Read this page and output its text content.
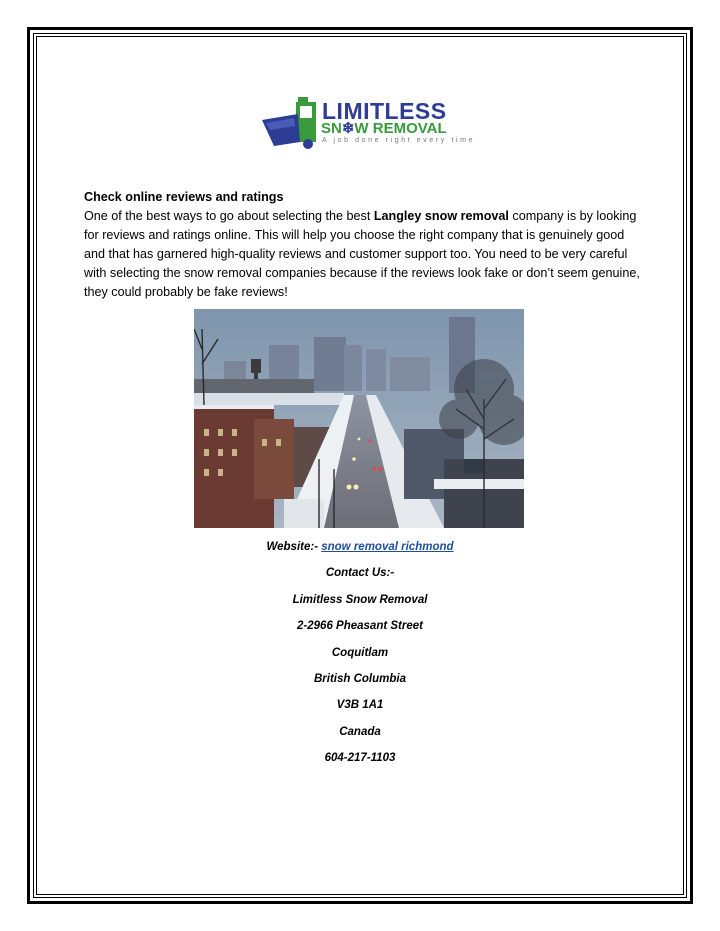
LIMITLESS
SN❄W REMOVAL
A job done right every time
Check online reviews and ratings
One of the best ways to go about selecting the best Langley snow removal company is by looking for reviews and ratings online. This will help you choose the right company that is genuinely good and that has garnered high-quality reviews and customer support too. You need to be very careful with selecting the snow removal companies because if the reviews look fake or don’t seem genuine, they could probably be fake reviews!
Website:- snow removal richmond
Contact Us:-
Limitless Snow Removal
2-2966 Pheasant Street
Coquitlam
British Columbia
V3B 1A1
Canada
604-217-1103
